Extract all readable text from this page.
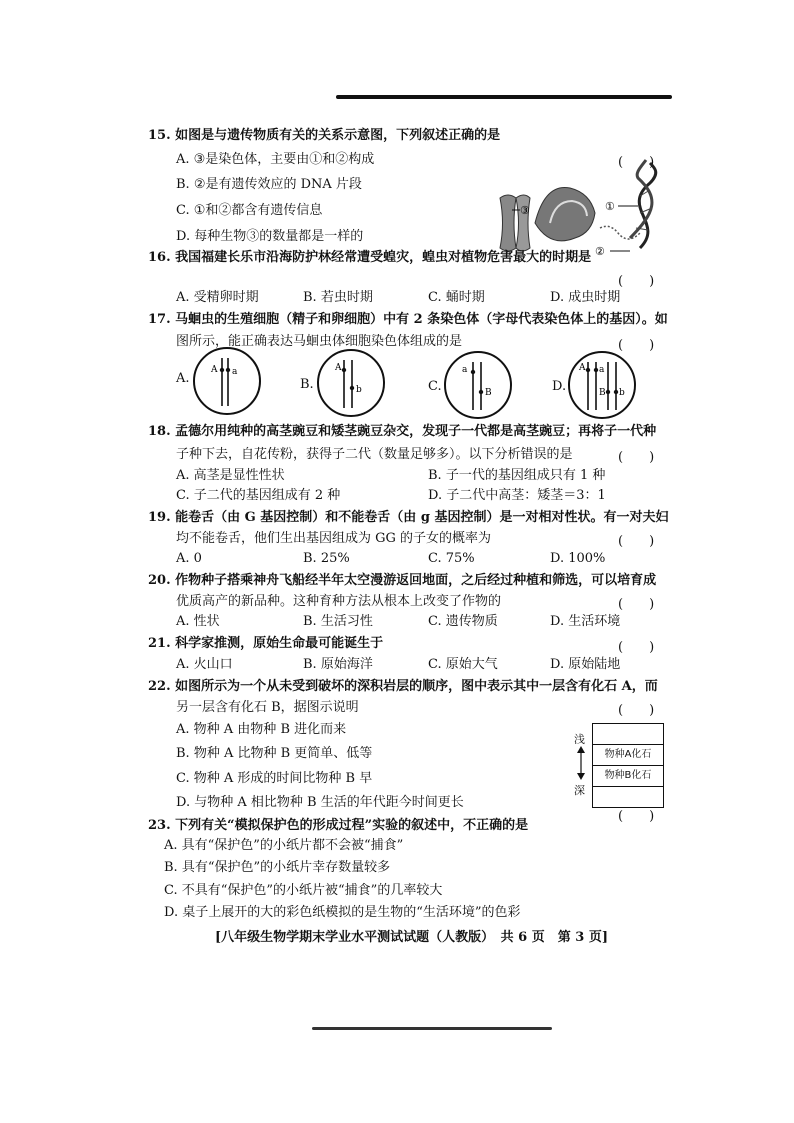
15. 如图是与遗传物质有关的关系示意图，下列叙述正确的是
(　　)
A. ③是染色体，主要由①和②构成
B. ②是有遗传效应的 DNA 片段
C. ①和②都含有遗传信息
D. 每种生物③的数量都是一样的
③	①
②
16. 我国福建长乐市沿海防护林经常遭受蝗灾，蝗虫对植物危害最大的时期是
(　　)
A. 受精卵时期	B. 若虫时期	C. 蛹时期	D. 成虫时期
17. 马蛔虫的生殖细胞（精子和卵细胞）中有 2 条染色体（字母代表染色体上的基因）。如
图所示，能正确表达马蛔虫体细胞染色体组成的是	(　　)
A.
A a
B.
A
b	C.
a
B	D.
A a
B b
18. 孟德尔用纯种的高茎豌豆和矮茎豌豆杂交，发现子一代都是高茎豌豆；再将子一代种
子种下去，自花传粉，获得子二代（数量足够多）。以下分析错误的是	(　　)
A. 高茎是显性性状	B. 子一代的基因组成只有 1 种
C. 子二代的基因组成有 2 种	D. 子二代中高茎：矮茎＝3：1
19. 能卷舌（由 G 基因控制）和不能卷舌（由 g 基因控制）是一对相对性状。有一对夫妇
均不能卷舌，他们生出基因组成为 GG 的子女的概率为	(　　)
A. 0	B. 25%	C. 75%	D. 100%
20. 作物种子搭乘神舟飞船经半年太空漫游返回地面，之后经过种植和筛选，可以培育成
优质高产的新品种。这种育种方法从根本上改变了作物的	(　　)
A. 性状	B. 生活习性	C. 遗传物质	D. 生活环境
21. 科学家推测，原始生命最可能诞生于	(　　)
A. 火山口	B. 原始海洋	C. 原始大气	D. 原始陆地
22. 如图所示为一个从未受到破坏的深积岩层的顺序，图中表示其中一层含有化石 A，而
另一层含有化石 B，据图示说明	(　　)
A. 物种 A 由物种 B 进化而来
B. 物种 A 比物种 B 更简单、低等
C. 物种 A 形成的时间比物种 B 早
D. 与物种 A 相比物种 B 生活的年代距今时间更长
物种A化石
物种B化石
浅
深
23. 下列有关“模拟保护色的形成过程”实验的叙述中，不正确的是
(　　)
A. 具有“保护色”的小纸片都不会被“捕食”
B. 具有“保护色”的小纸片幸存数量较多
C. 不具有“保护色”的小纸片被“捕食”的几率较大
D. 桌子上展开的大的彩色纸模拟的是生物的“生活环境”的色彩
[八年级生物学期末学业水平测试试题（人教版）　共 6 页　第 3 页]
